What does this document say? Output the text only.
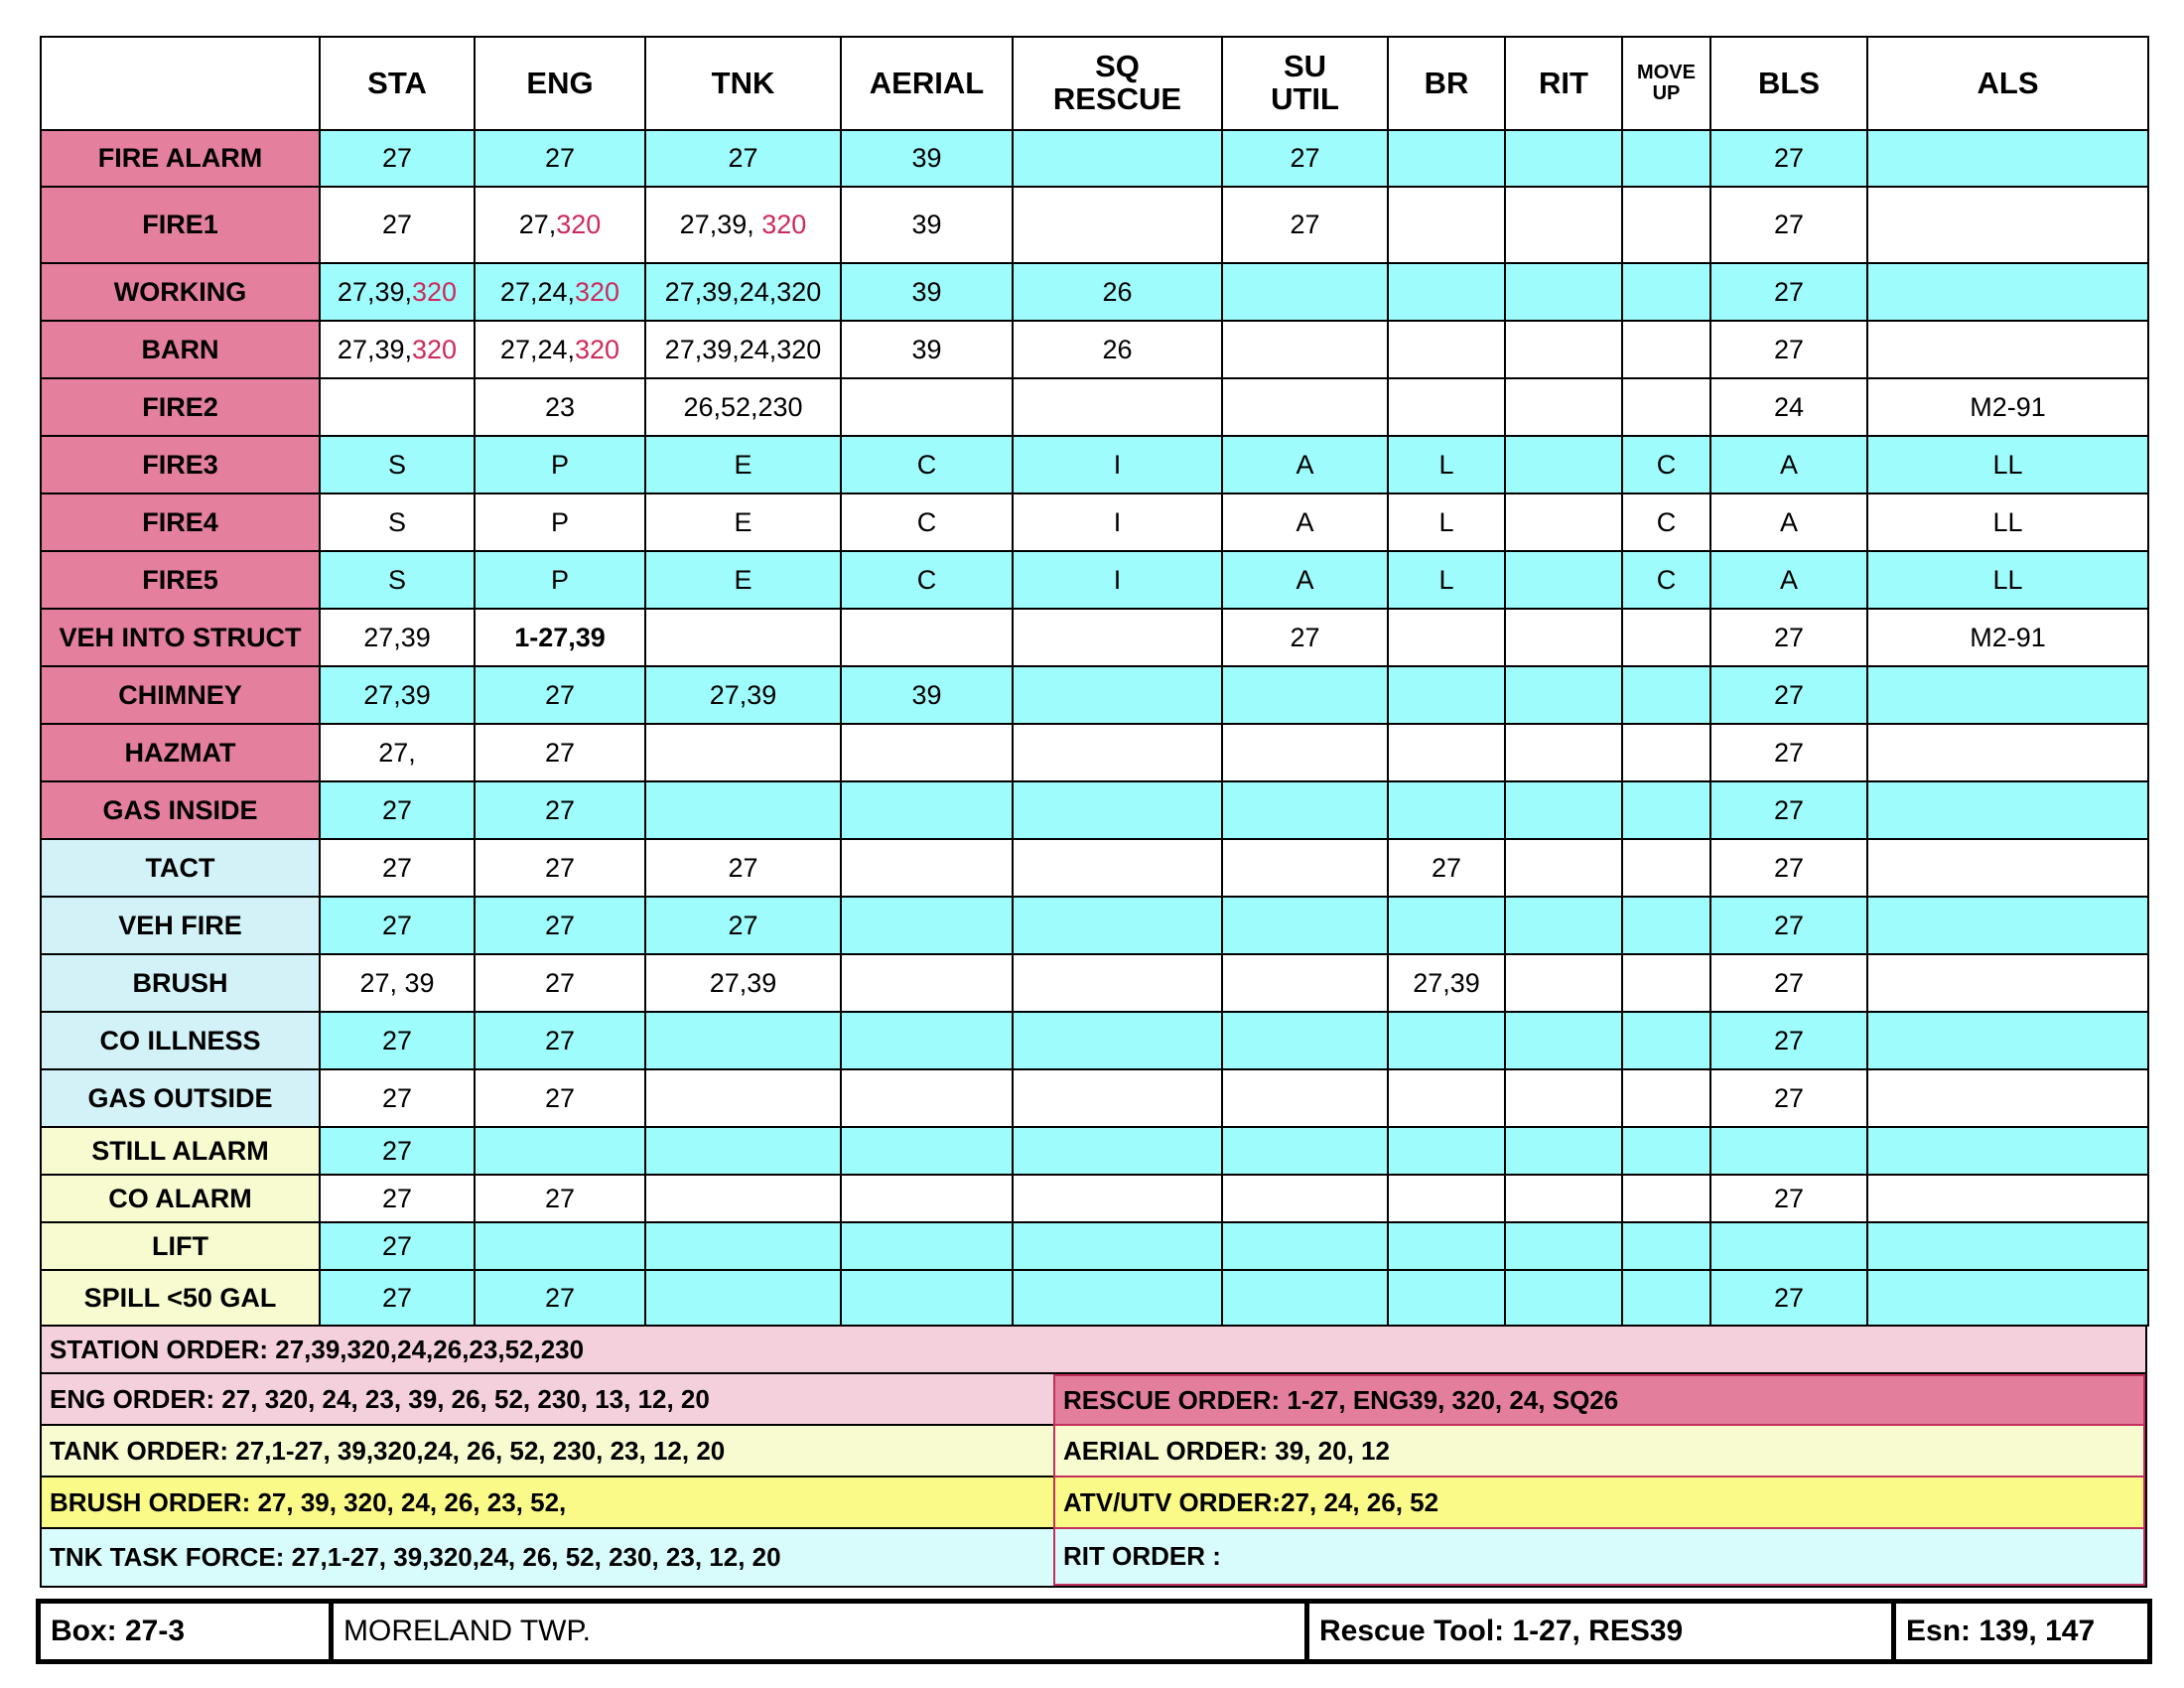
	STA	ENG	TNK	AERIAL	SQ
RESCUE	SU
UTIL	BR	RIT	MOVE
UP	BLS	ALS
FIRE ALARM	27	27	27	39		27				27	
FIRE1	27	27,320	27,39, 320	39		27				27	
WORKING	27,39,320	27,24,320	27,39,24,320	39	26					27	
BARN	27,39,320	27,24,320	27,39,24,320	39	26					27	
FIRE2		23	26,52,230							24	M2-91
FIRE3	S	P	E	C	I	A	L		C	A	LL
FIRE4	S	P	E	C	I	A	L		C	A	LL
FIRE5	S	P	E	C	I	A	L		C	A	LL
VEH INTO STRUCT	27,39	1-27,39				27				27	M2-91
CHIMNEY	27,39	27	27,39	39						27	
HAZMAT	27,	27								27	
GAS INSIDE	27	27								27	
TACT	27	27	27				27			27	
VEH FIRE	27	27	27							27	
BRUSH	27, 39	27	27,39				27,39			27	
CO ILLNESS	27	27								27	
GAS OUTSIDE	27	27								27	
STILL ALARM	27										
CO ALARM	27	27								27	
LIFT	27										
SPILL <50 GAL	27	27								27	
STATION ORDER: 27,39,320,24,26,23,52,230
ENG ORDER: 27, 320, 24, 23, 39, 26, 52, 230, 13, 12, 20
TANK ORDER: 27,1-27, 39,320,24, 26, 52, 230, 23, 12, 20
BRUSH ORDER: 27, 39, 320, 24, 26, 23, 52,
TNK TASK FORCE: 27,1-27, 39,320,24, 26, 52, 230, 23, 12, 20
RESCUE ORDER: 1-27, ENG39, 320, 24, SQ26
AERIAL ORDER: 39, 20, 12
ATV/UTV ORDER:27, 24, 26, 52
RIT ORDER :
Box: 27-3	MORELAND TWP.	Rescue Tool: 1-27, RES39	Esn: 139, 147
